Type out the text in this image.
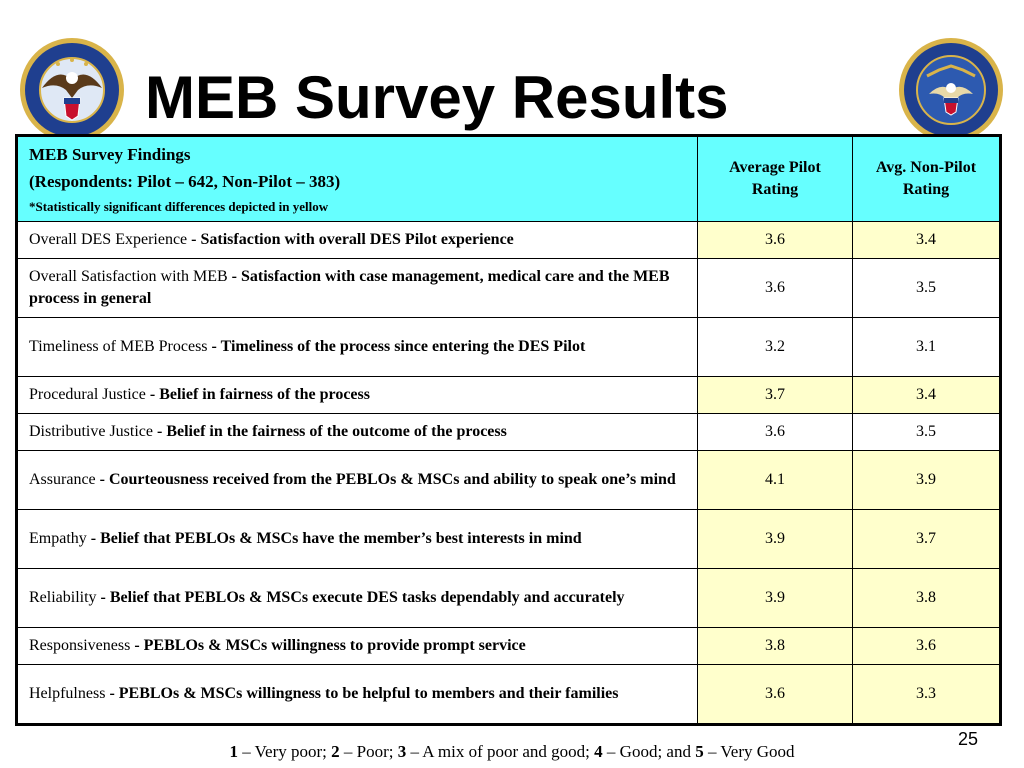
MEB Survey Results
MEB Survey Findings
(Respondents: Pilot – 642, Non-Pilot – 383)
*Statistically significant differences depicted in yellow	Average Pilot Rating	Avg. Non-Pilot Rating
Overall DES Experience - Satisfaction with overall DES Pilot experience	3.6	3.4
Overall Satisfaction with MEB - Satisfaction with case management, medical care and the MEB process in general	3.6	3.5
Timeliness of MEB Process - Timeliness of the process since entering the DES Pilot	3.2	3.1
Procedural Justice - Belief in fairness of the process	3.7	3.4
Distributive Justice - Belief in the fairness of the outcome of the process	3.6	3.5
Assurance - Courteousness received from the PEBLOs & MSCs and ability to speak one’s mind	4.1	3.9
Empathy - Belief that PEBLOs & MSCs have the member’s best interests in mind	3.9	3.7
Reliability - Belief that PEBLOs & MSCs execute DES tasks dependably and accurately	3.9	3.8
Responsiveness - PEBLOs & MSCs willingness to provide prompt service	3.8	3.6
Helpfulness - PEBLOs & MSCs willingness to be helpful to members and their families	3.6	3.3
1 – Very poor; 2 – Poor; 3 – A mix of poor and good; 4 – Good; and 5 – Very Good
25
